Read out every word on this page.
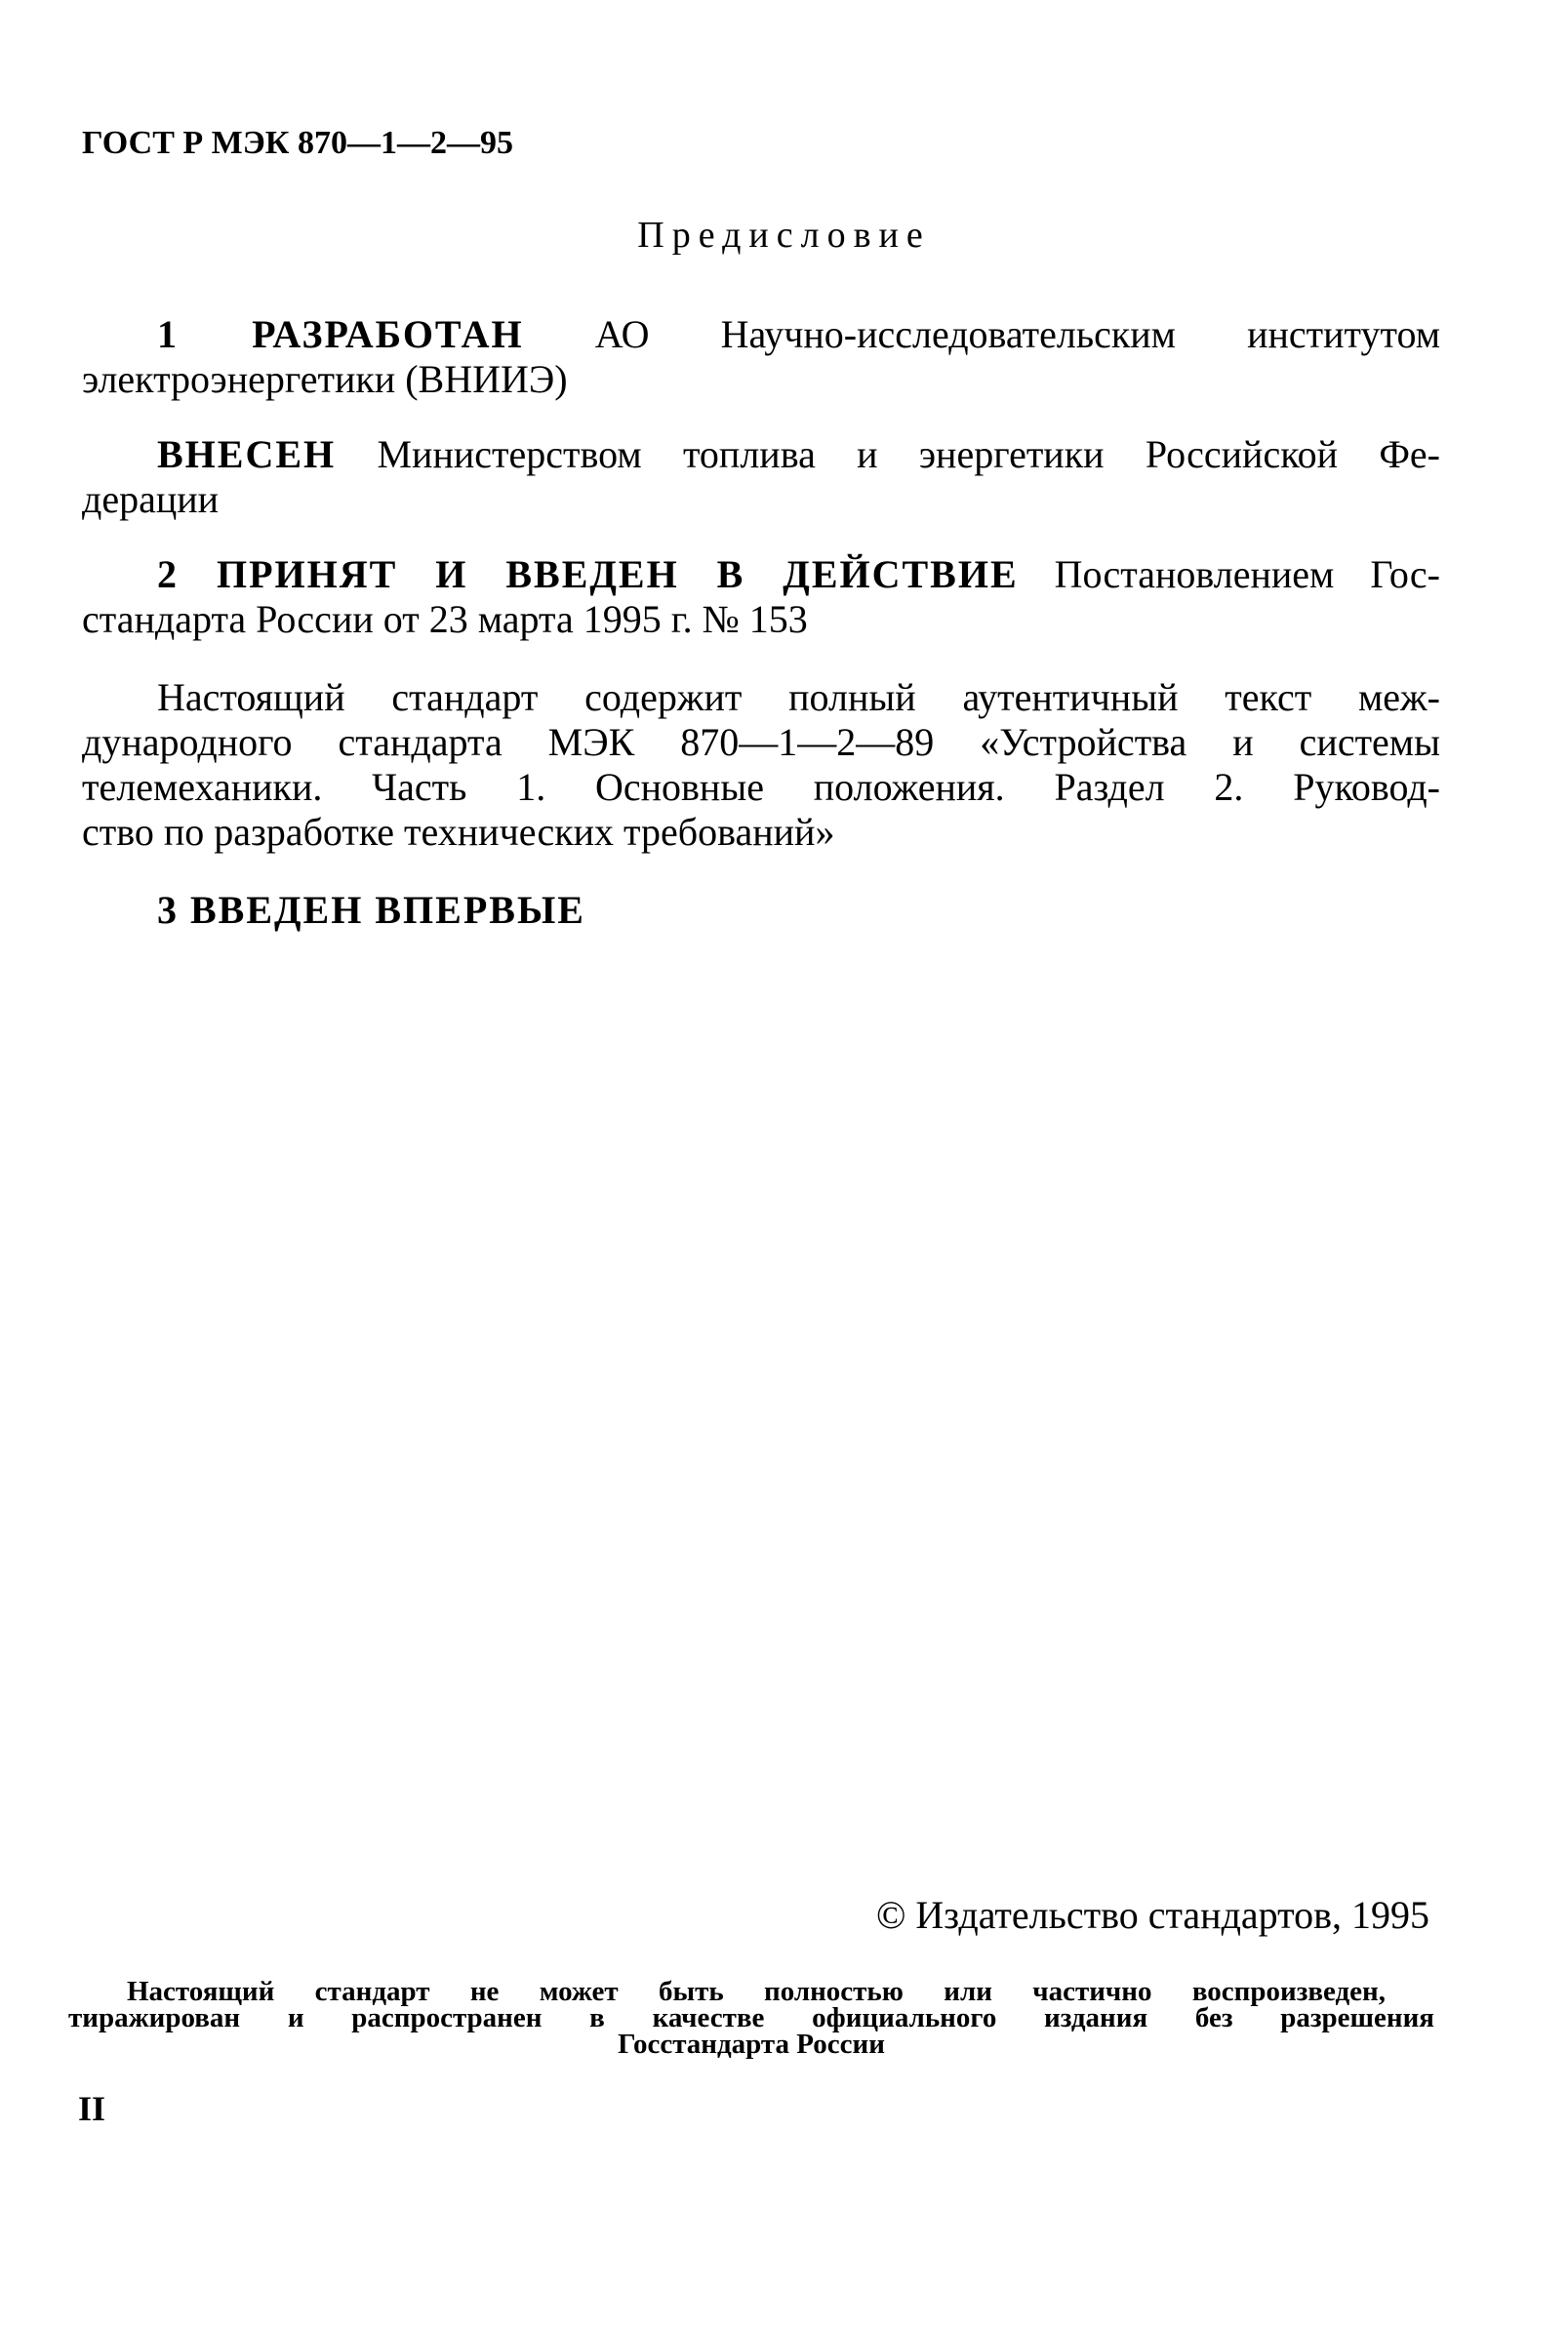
ГОСТ Р МЭК 870—1—2—95
Предисловие
1 РАЗРАБОТАН АО Научно-исследовательским институтом
электроэнергетики (ВНИИЭ)
ВНЕСЕН Министерством топлива и энергетики Российской Фе-
дерации
2 ПРИНЯТ И ВВЕДЕН В ДЕЙСТВИЕ Постановлением Гос-
стандарта России от 23 марта 1995 г. № 153
Настоящий стандарт содержит полный аутентичный текст меж-
дународного стандарта МЭК 870—1—2—89 «Устройства и системы
телемеханики. Часть 1. Основные положения. Раздел 2. Руковод-
ство по разработке технических требований»
3 ВВЕДЕН ВПЕРВЫЕ
© Издательство стандартов, 1995
Настоящий стандарт не может быть полностью или частично воспроизведен,
тиражирован и распространен в качестве официального издания без разрешения
Госстандарта России
II
